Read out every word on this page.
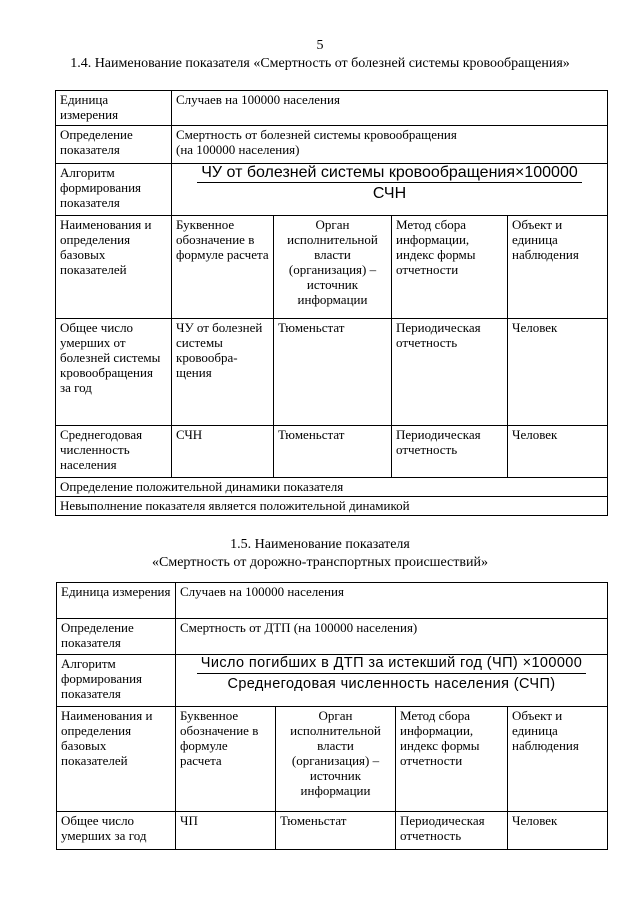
5
1.4. Наименование показателя «Смертность от болезней системы кровообращения»
Единица измерения	Случаев на 100000 населения			
Определение показателя	Смертность от болезней системы кровообращения
(на 100000 населения)			

Алгоритм формирования показателя	ЧУ от болезней системы кровообращения×100000
СЧН			

Наименования и определения базовых показателей	Буквенное обозначение в формуле расчета	Орган исполнительной власти (организация) – источник информации	Метод сбора информации, индекс формы отчетности	Объект и единица наблюдения
Общее число умерших от болезней системы кровообращения за год	ЧУ от болезней системы кровообра-щения	Тюменьстат	Периодическая отчетность	Человек
Среднегодовая численность населения	СЧН	Тюменьстат	Периодическая отчетность	Человек
Определение положительной динамики показателя				
Невыполнение показателя является положительной динамикой				
1.5. Наименование показателя
«Смертность от дорожно-транспортных происшествий»
Единица измерения	Случаев на 100000 населения			
Определение показателя	Смертность от ДТП (на 100000 населения)			
Алгоритм формирования показателя	Число погибших в ДТП за истекший год (ЧП) ×100000
Среднегодовая численность населения (СЧП)			

Наименования и определения базовых показателей	Буквенное обозначение в формуле расчета	Орган исполнительной власти (организация) – источник информации	Метод сбора информации, индекс формы отчетности	Объект и единица наблюдения
Общее число умерших за год	ЧП	Тюменьстат	Периодическая отчетность	Человек
